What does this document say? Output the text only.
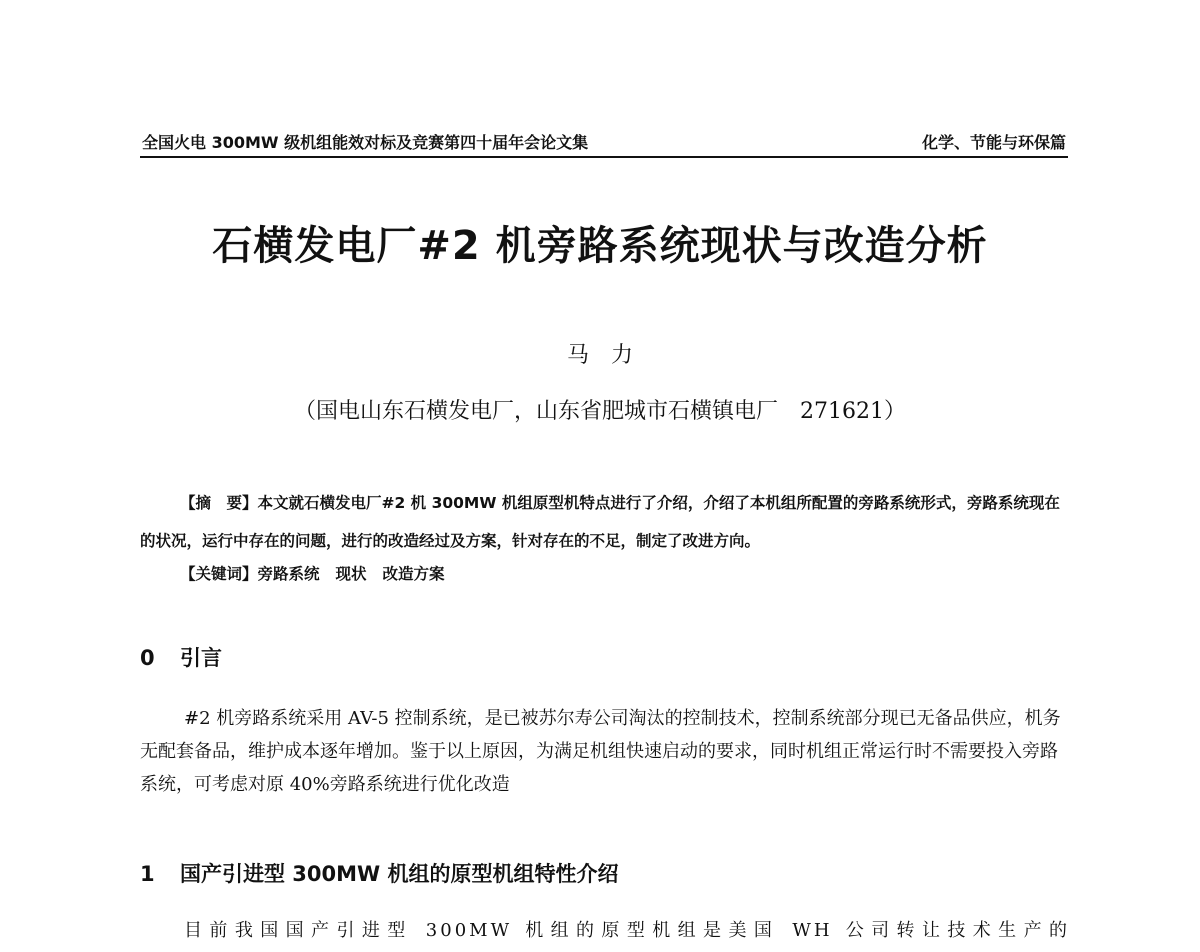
全国火电 300MW 级机组能效对标及竞赛第四十届年会论文集	化学、节能与环保篇
石横发电厂#2 机旁路系统现状与改造分析
马　力
（国电山东石横发电厂，山东省肥城市石横镇电厂　271621）
【摘　要】本文就石横发电厂#2 机 300MW 机组原型机特点进行了介绍，介绍了本机组所配置的旁路系统形式，旁路系统现在的状况，运行中存在的问题，进行的改造经过及方案，针对存在的不足，制定了改进方向。
【关键词】旁路系统 现状 改造方案
0 引言
#2 机旁路系统采用 AV-5 控制系统，是已被苏尔寿公司淘汰的控制技术，控制系统部分现已无备品供应，机务无配套备品，维护成本逐年增加。鉴于以上原因，为满足机组快速启动的要求，同时机组正常运行时不需要投入旁路系统，可考虑对原 40%旁路系统进行优化改造
1 国产引进型 300MW 机组的原型机组特性介绍
目前我国国产引进型 300MW 机组的原型机组是美国 WH 公司转让技术生产的
